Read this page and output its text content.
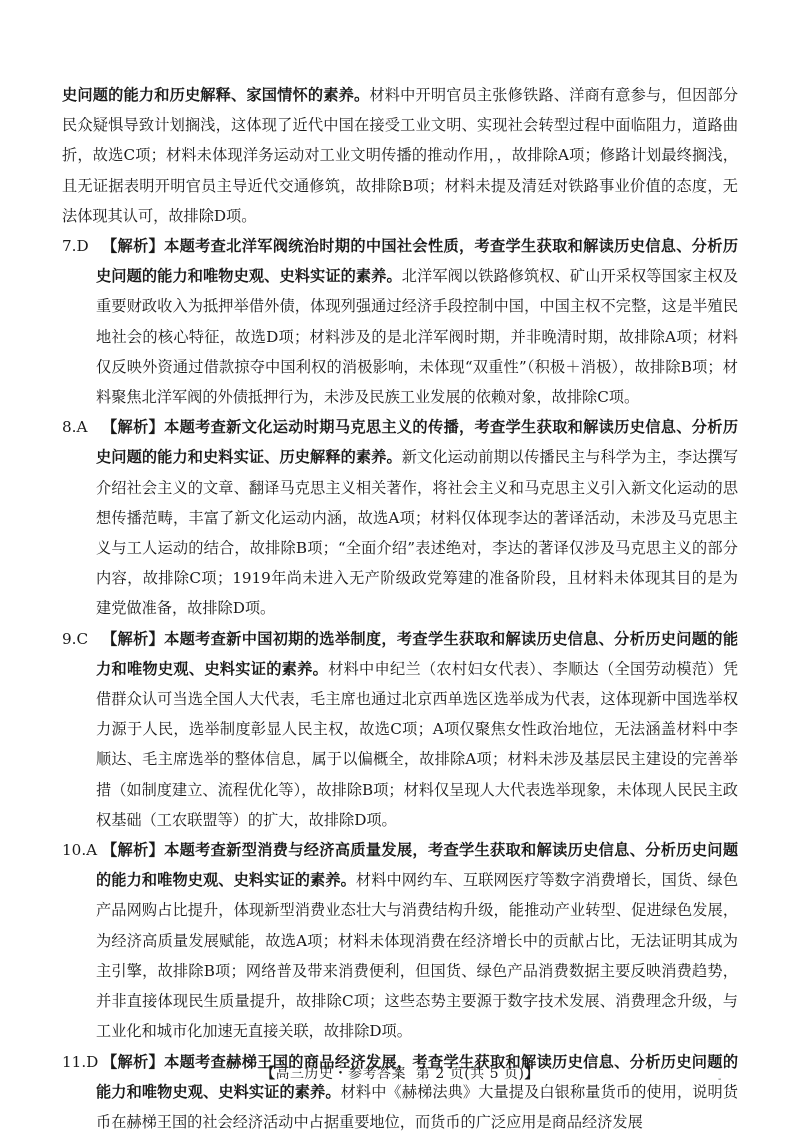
史问题的能力和历史解释、家国情怀的素养。材料中开明官员主张修铁路、洋商有意参与，但因部分民众疑惧导致计划搁浅，这体现了近代中国在接受工业文明、实现社会转型过程中面临阻力，道路曲折，故选C项；材料未体现洋务运动对工业文明传播的推动作用，，故排除A项；修路计划最终搁浅，且无证据表明开明官员主导近代交通修筑，故排除B项；材料未提及清廷对铁路事业价值的态度，无法体现其认可，故排除D项。

7.D 【解析】本题考查北洋军阀统治时期的中国社会性质，考查学生获取和解读历史信息、分析历史问题的能力和唯物史观、史料实证的素养。北洋军阀以铁路修筑权、矿山开采权等国家主权及重要财政收入为抵押举借外债，体现列强通过经济手段控制中国，中国主权不完整，这是半殖民地社会的核心特征，故选D项；材料涉及的是北洋军阀时期，并非晚清时期，故排除A项；材料仅反映外资通过借款掠夺中国利权的消极影响，未体现“双重性”（积极＋消极），故排除B项；材料聚焦北洋军阀的外债抵押行为，未涉及民族工业发展的依赖对象，故排除C项。

8.A 【解析】本题考查新文化运动时期马克思主义的传播，考查学生获取和解读历史信息、分析历史问题的能力和史料实证、历史解释的素养。新文化运动前期以传播民主与科学为主，李达撰写介绍社会主义的文章、翻译马克思主义相关著作，将社会主义和马克思主义引入新文化运动的思想传播范畴，丰富了新文化运动内涵，故选A项；材料仅体现李达的著译活动，未涉及马克思主义与工人运动的结合，故排除B项；“全面介绍”表述绝对，李达的著译仅涉及马克思主义的部分内容，故排除C项；1919年尚未进入无产阶级政党筹建的准备阶段，且材料未体现其目的是为建党做准备，故排除D项。

9.C 【解析】本题考查新中国初期的选举制度，考查学生获取和解读历史信息、分析历史问题的能力和唯物史观、史料实证的素养。材料中申纪兰（农村妇女代表）、李顺达（全国劳动模范）凭借群众认可当选全国人大代表，毛主席也通过北京西单选区选举成为代表，这体现新中国选举权力源于人民，选举制度彰显人民主权，故选C项；A项仅聚焦女性政治地位，无法涵盖材料中李顺达、毛主席选举的整体信息，属于以偏概全，故排除A项；材料未涉及基层民主建设的完善举措（如制度建立、流程优化等），故排除B项；材料仅呈现人大代表选举现象，未体现人民民主政权基础（工农联盟等）的扩大，故排除D项。

10.A 【解析】本题考查新型消费与经济高质量发展，考查学生获取和解读历史信息、分析历史问题的能力和唯物史观、史料实证的素养。材料中网约车、互联网医疗等数字消费增长，国货、绿色产品网购占比提升，体现新型消费业态壮大与消费结构升级，能推动产业转型、促进绿色发展，为经济高质量发展赋能，故选A项；材料未体现消费在经济增长中的贡献占比，无法证明其成为主引擎，故排除B项；网络普及带来消费便利，但国货、绿色产品消费数据主要反映消费趋势，并非直接体现民生质量提升，故排除C项；这些态势主要源于数字技术发展、消费理念升级，与工业化和城市化加速无直接关联，故排除D项。

11.D 【解析】本题考查赫梯王国的商品经济发展，考查学生获取和解读历史信息、分析历史问题的能力和唯物史观、史料实证的素养。材料中《赫梯法典》大量提及白银称量货币的使用，说明货币在赫梯王国的社会经济活动中占据重要地位，而货币的广泛应用是商品经济发展

【高三历史・参考答案 第 2 页(共 5 页)】	-
